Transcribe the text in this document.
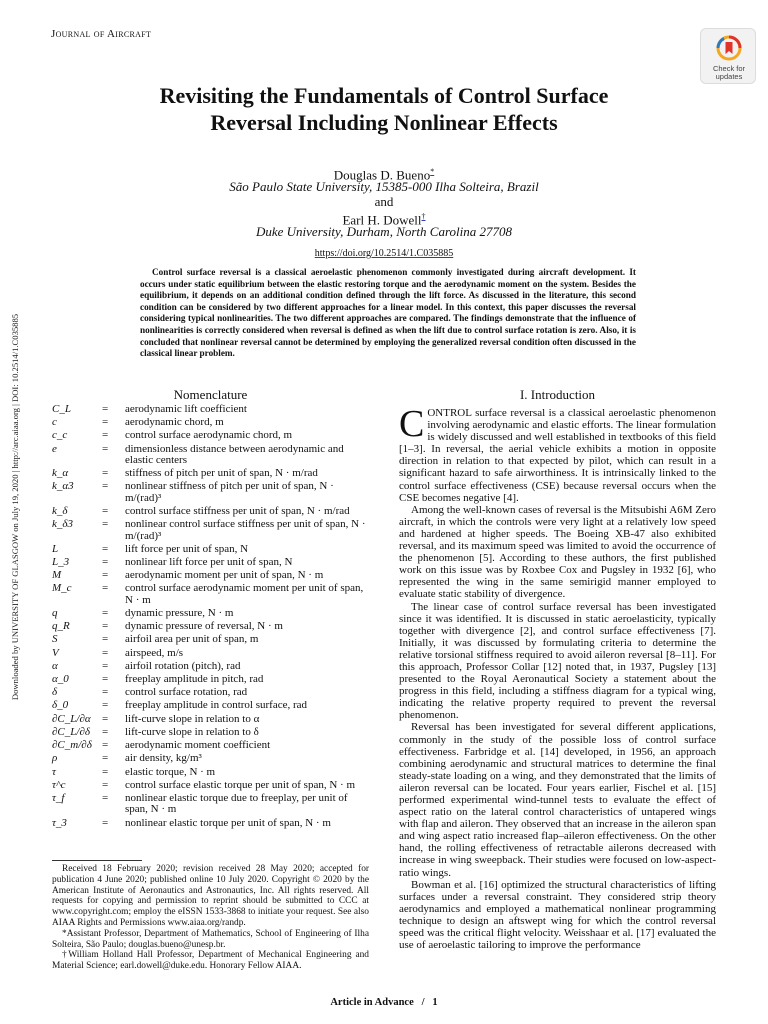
Downloaded by UNIVERSITY OF GLASGOW on July 19, 2020 | http://arc.aiaa.org | DOI: 10.2514/1.C035885
Journal of Aircraft
Check for
updates
Revisiting the Fundamentals of Control Surface
Reversal Including Nonlinear Effects
Douglas D. Bueno*
São Paulo State University, 15385-000 Ilha Solteira, Brazil
and
Earl H. Dowell†
Duke University, Durham, North Carolina 27708
https://doi.org/10.2514/1.C035885
Control surface reversal is a classical aeroelastic phenomenon commonly investigated during aircraft development. It occurs under static equilibrium between the elastic restoring torque and the aerodynamic moment on the system. Besides the equilibrium, it depends on an additional condition defined through the lift force. As discussed in the literature, this second condition can be considered by two different approaches for a linear model. In this context, this paper discusses the reversal considering typical nonlinearities. The two different approaches are compared. The findings demonstrate that the influence of nonlinearities is correctly considered when reversal is defined as when the lift due to control surface rotation is zero. Also, it is concluded that nonlinear reversal cannot be determined by employing the generalized reversal condition often discussed in the classical linear problem.
Nomenclature
C_L	=	aerodynamic lift coefficient
c	=	aerodynamic chord, m
c_c	=	control surface aerodynamic chord, m
e	=	dimensionless distance between aerodynamic and elastic centers
k_α	=	stiffness of pitch per unit of span, N · m/rad
k_α3	=	nonlinear stiffness of pitch per unit of span, N · m/(rad)³
k_δ	=	control surface stiffness per unit of span, N · m/rad
k_δ3	=	nonlinear control surface stiffness per unit of span, N · m/(rad)³
L	=	lift force per unit of span, N
L_3	=	nonlinear lift force per unit of span, N
M	=	aerodynamic moment per unit of span, N · m
M_c	=	control surface aerodynamic moment per unit of span, N · m
q	=	dynamic pressure, N · m
q_R	=	dynamic pressure of reversal, N · m
S	=	airfoil area per unit of span, m
V	=	airspeed, m/s
α	=	airfoil rotation (pitch), rad
α_0	=	freeplay amplitude in pitch, rad
δ	=	control surface rotation, rad
δ_0	=	freeplay amplitude in control surface, rad
∂C_L/∂α	=	lift-curve slope in relation to α
∂C_L/∂δ	=	lift-curve slope in relation to δ
∂C_m/∂δ =	aerodynamic moment coefficient
ρ	=	air density, kg/m³
τ	=	elastic torque, N · m
τ^c	=	control surface elastic torque per unit of span, N · m
τ_f	=	nonlinear elastic torque due to freeplay, per unit of span, N · m
τ_3	=	nonlinear elastic torque per unit of span, N · m
I. Introduction

CONTROL surface reversal is a classical aeroelastic phenomenon involving aerodynamic and elastic efforts. The linear formulation is widely discussed and well established in textbooks of this field [1–3]. In reversal, the aerial vehicle exhibits a motion in opposite direction in relation to that expected by pilot, which can result in a significant hazard to safe airworthiness. It is intrinsically linked to the control surface effectiveness (CSE) because reversal occurs when the CSE becomes negative [4].

Among the well-known cases of reversal is the Mitsubishi A6M Zero aircraft, in which the controls were very light at a relatively low speed and hardened at higher speeds. The Boeing XB-47 also exhibited reversal, and its maximum speed was limited to avoid the occurrence of the phenomenon [5]. According to these authors, the first published work on this issue was by Roxbee Cox and Pugsley in 1932 [6], who represented the wing in the same semirigid manner employed to evaluate static stability of divergence.

The linear case of control surface reversal has been investigated since it was identified. It is discussed in static aeroelasticity, typically together with divergence [2], and control surface effectiveness [7]. Initially, it was discussed by formulating criteria to determine the relative torsional stiffness required to avoid aileron reversal [8–11]. For this approach, Professor Collar [12] noted that, in 1937, Pugsley [13] presented to the Royal Aeronautical Society a statement about the progress in this field, including a stiffness diagram for a typical wing, indicating the relative property required to prevent the reversal phenomenon.

Reversal has been investigated for several different applications, commonly in the study of the possible loss of control surface effectiveness. Farbridge et al. [14] developed, in 1956, an approach combining aerodynamic and structural matrices to determine the final steady-state loading on a wing, and they demonstrated that the limits of aileron reversal can be located. Four years earlier, Fischel et al. [15] performed experimental wind-tunnel tests to evaluate the effect of aspect ratio on the lateral control characteristics of untapered wings with flap and aileron. They observed that an increase in the aileron span and wing aspect ratio increased flap–aileron effectiveness. On the other hand, the rolling effectiveness of retractable ailerons decreased with increase in wing sweepback. Their studies were focused on low-aspect-ratio wings.

Bowman et al. [16] optimized the structural characteristics of lifting surfaces under a reversal constraint. They considered strip theory aerodynamics and employed a mathematical nonlinear programming technique to design an aftswept wing for which the control reversal speed was the critical flight velocity. Weisshaar et al. [17] evaluated the use of aeroelastic tailoring to improve the performance

Received 18 February 2020; revision received 28 May 2020; accepted for publication 4 June 2020; published online 10 July 2020. Copyright © 2020 by the American Institute of Aeronautics and Astronautics, Inc. All rights reserved. All requests for copying and permission to reprint should be submitted to CCC at www.copyright.com; employ the eISSN 1533-3868 to initiate your request. See also AIAA Rights and Permissions www.aiaa.org/randp.

*Assistant Professor, Department of Mathematics, School of Engineering of Ilha Solteira, São Paulo; douglas.bueno@unesp.br.

†William Holland Hall Professor, Department of Mechanical Engineering and Material Science; earl.dowell@duke.edu. Honorary Fellow AIAA.

Article in Advance   /   1
